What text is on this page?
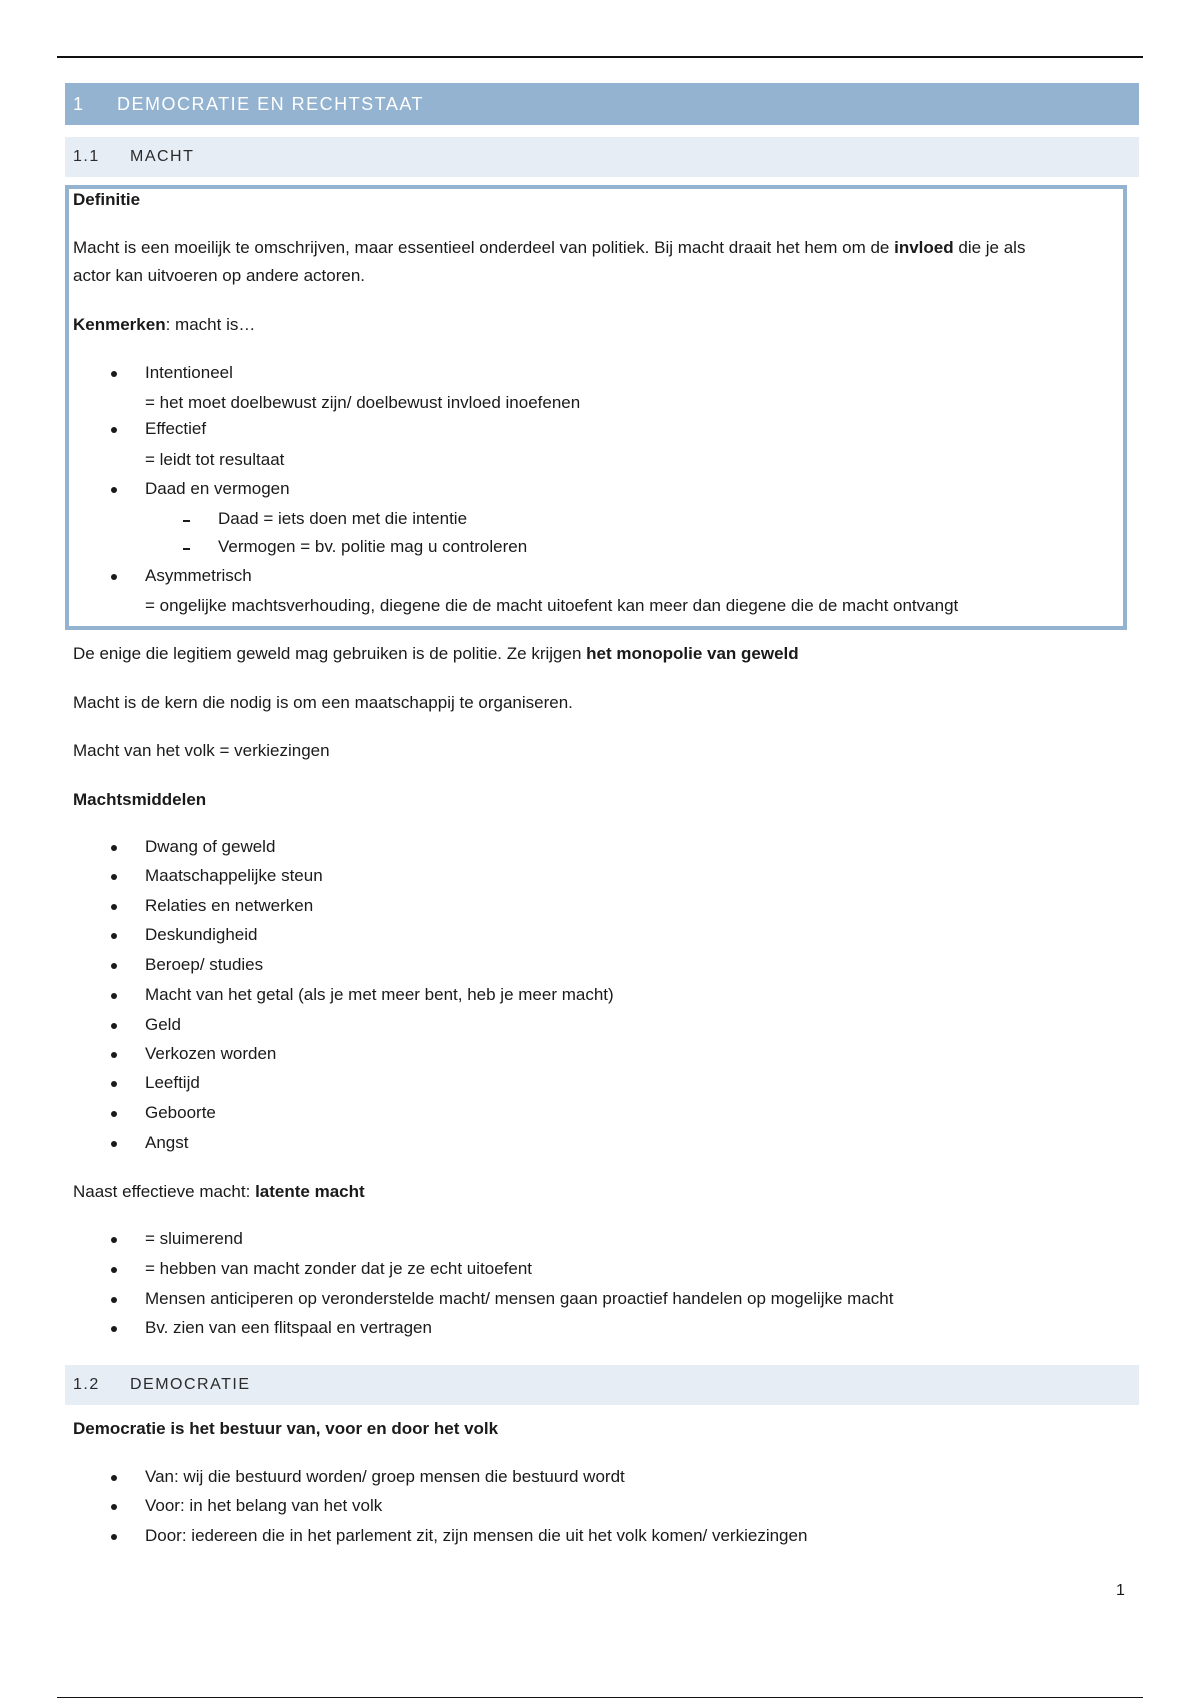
1 DEMOCRATIE EN RECHTSTAAT
1.1 MACHT
Definitie
Macht is een moeilijk te omschrijven, maar essentieel onderdeel van politiek. Bij macht draait het hem om de invloed die je als
actor kan uitvoeren op andere actoren.
Kenmerken: macht is…
Intentioneel
= het moet doelbewust zijn/ doelbewust invloed inoefenen
Effectief
= leidt tot resultaat
Daad en vermogen
Daad = iets doen met die intentie
Vermogen = bv. politie mag u controleren
Asymmetrisch
= ongelijke machtsverhouding, diegene die de macht uitoefent kan meer dan diegene die de macht ontvangt
De enige die legitiem geweld mag gebruiken is de politie. Ze krijgen het monopolie van geweld
Macht is de kern die nodig is om een maatschappij te organiseren.
Macht van het volk = verkiezingen
Machtsmiddelen
Dwang of geweld
Maatschappelijke steun
Relaties en netwerken
Deskundigheid
Beroep/ studies
Macht van het getal (als je met meer bent, heb je meer macht)
Geld
Verkozen worden
Leeftijd
Geboorte
Angst
Naast effectieve macht: latente macht
= sluimerend
= hebben van macht zonder dat je ze echt uitoefent
Mensen anticiperen op veronderstelde macht/ mensen gaan proactief handelen op mogelijke macht
Bv. zien van een flitspaal en vertragen
1.2 DEMOCRATIE
Democratie is het bestuur van, voor en door het volk
Van: wij die bestuurd worden/ groep mensen die bestuurd wordt
Voor: in het belang van het volk
Door: iedereen die in het parlement zit, zijn mensen die uit het volk komen/ verkiezingen
1
